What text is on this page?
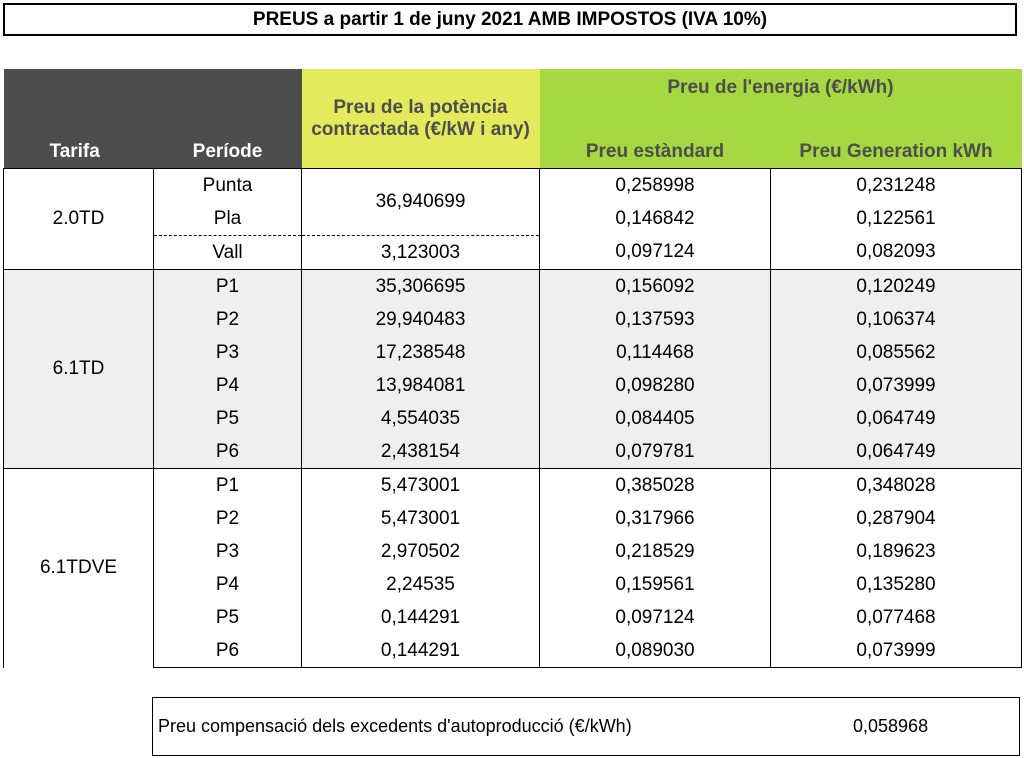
PREUS a partir 1 de juny 2021 AMB IMPOSTOS (IVA 10%)
Tarifa	Període	Preu de la potència contractada (€/kW i any)	Preu de l'energia (€/kWh)	
			Preu estàndard	Preu Generation kWh
2.0TD	Punta	36,940699	0,258998	0,231248
	Pla		0,146842	0,122561
	Vall	3,123003	0,097124	0,082093
6.1TD	P1	35,306695	0,156092	0,120249
	P2	29,940483	0,137593	0,106374
	P3	17,238548	0,114468	0,085562
	P4	13,984081	0,098280	0,073999
	P5	4,554035	0,084405	0,064749
	P6	2,438154	0,079781	0,064749
6.1TDVE	P1	5,473001	0,385028	0,348028
	P2	5,473001	0,317966	0,287904
	P3	2,970502	0,218529	0,189623
	P4	2,24535	0,159561	0,135280
	P5	0,144291	0,097124	0,077468
	P6	0,144291	0,089030	0,073999
Preu compensació dels excedents d'autoproducció (€/kWh)	0,058968
